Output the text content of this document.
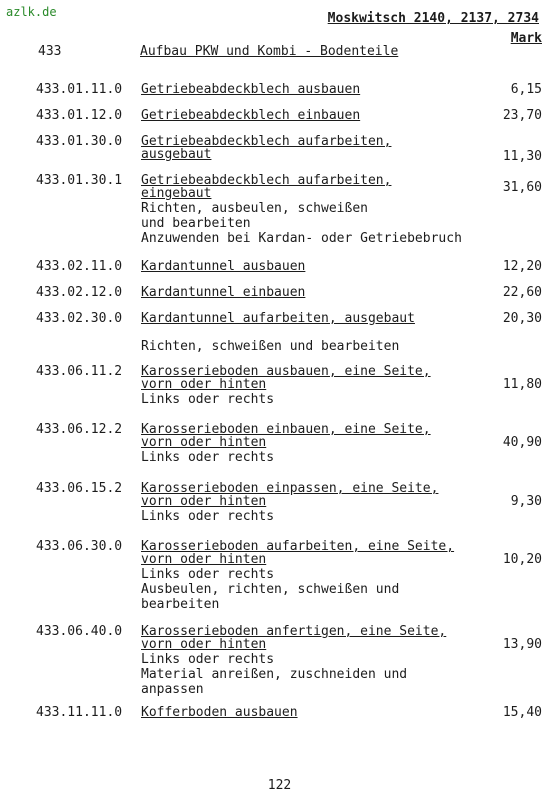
azlk.de	Moskwitsch 2140, 2137, 2734
Mark
433	Aufbau PKW und Kombi - Bodenteile
433.01.11.0 Getriebeabdeckblech ausbauen	6,15
433.01.12.0 Getriebeabdeckblech einbauen	23,70
433.01.30.0 Getriebeabdeckblech aufarbeiten,
ausgebaut	11,30
433.01.30.1 Getriebeabdeckblech aufarbeiten,
eingebaut
Richten, ausbeulen, schweißen
und bearbeiten
Anzuwenden bei Kardan- oder Getriebebruch
31,60
433.02.11.0 Kardantunnel ausbauen	12,20
433.02.12.0 Kardantunnel einbauen	22,60
433.02.30.0 Kardantunnel aufarbeiten, ausgebaut	20,30
Richten, schweißen und bearbeiten
433.06.11.2 Karosserieboden ausbauen, eine Seite,
vorn oder hinten
Links oder rechts
11,80
433.06.12.2 Karosserieboden einbauen, eine Seite,
vorn oder hinten
Links oder rechts
40,90
433.06.15.2 Karosserieboden einpassen, eine Seite,
vorn oder hinten
Links oder rechts
9,30
433.06.30.0 Karosserieboden aufarbeiten, eine Seite,
vorn oder hinten
Links oder rechts
Ausbeulen, richten, schweißen und
bearbeiten
10,20
433.06.40.0 Karosserieboden anfertigen, eine Seite,
vorn oder hinten
Links oder rechts
Material anreißen, zuschneiden und
anpassen
13,90
433.11.11.0 Kofferboden ausbauen	15,40
122
